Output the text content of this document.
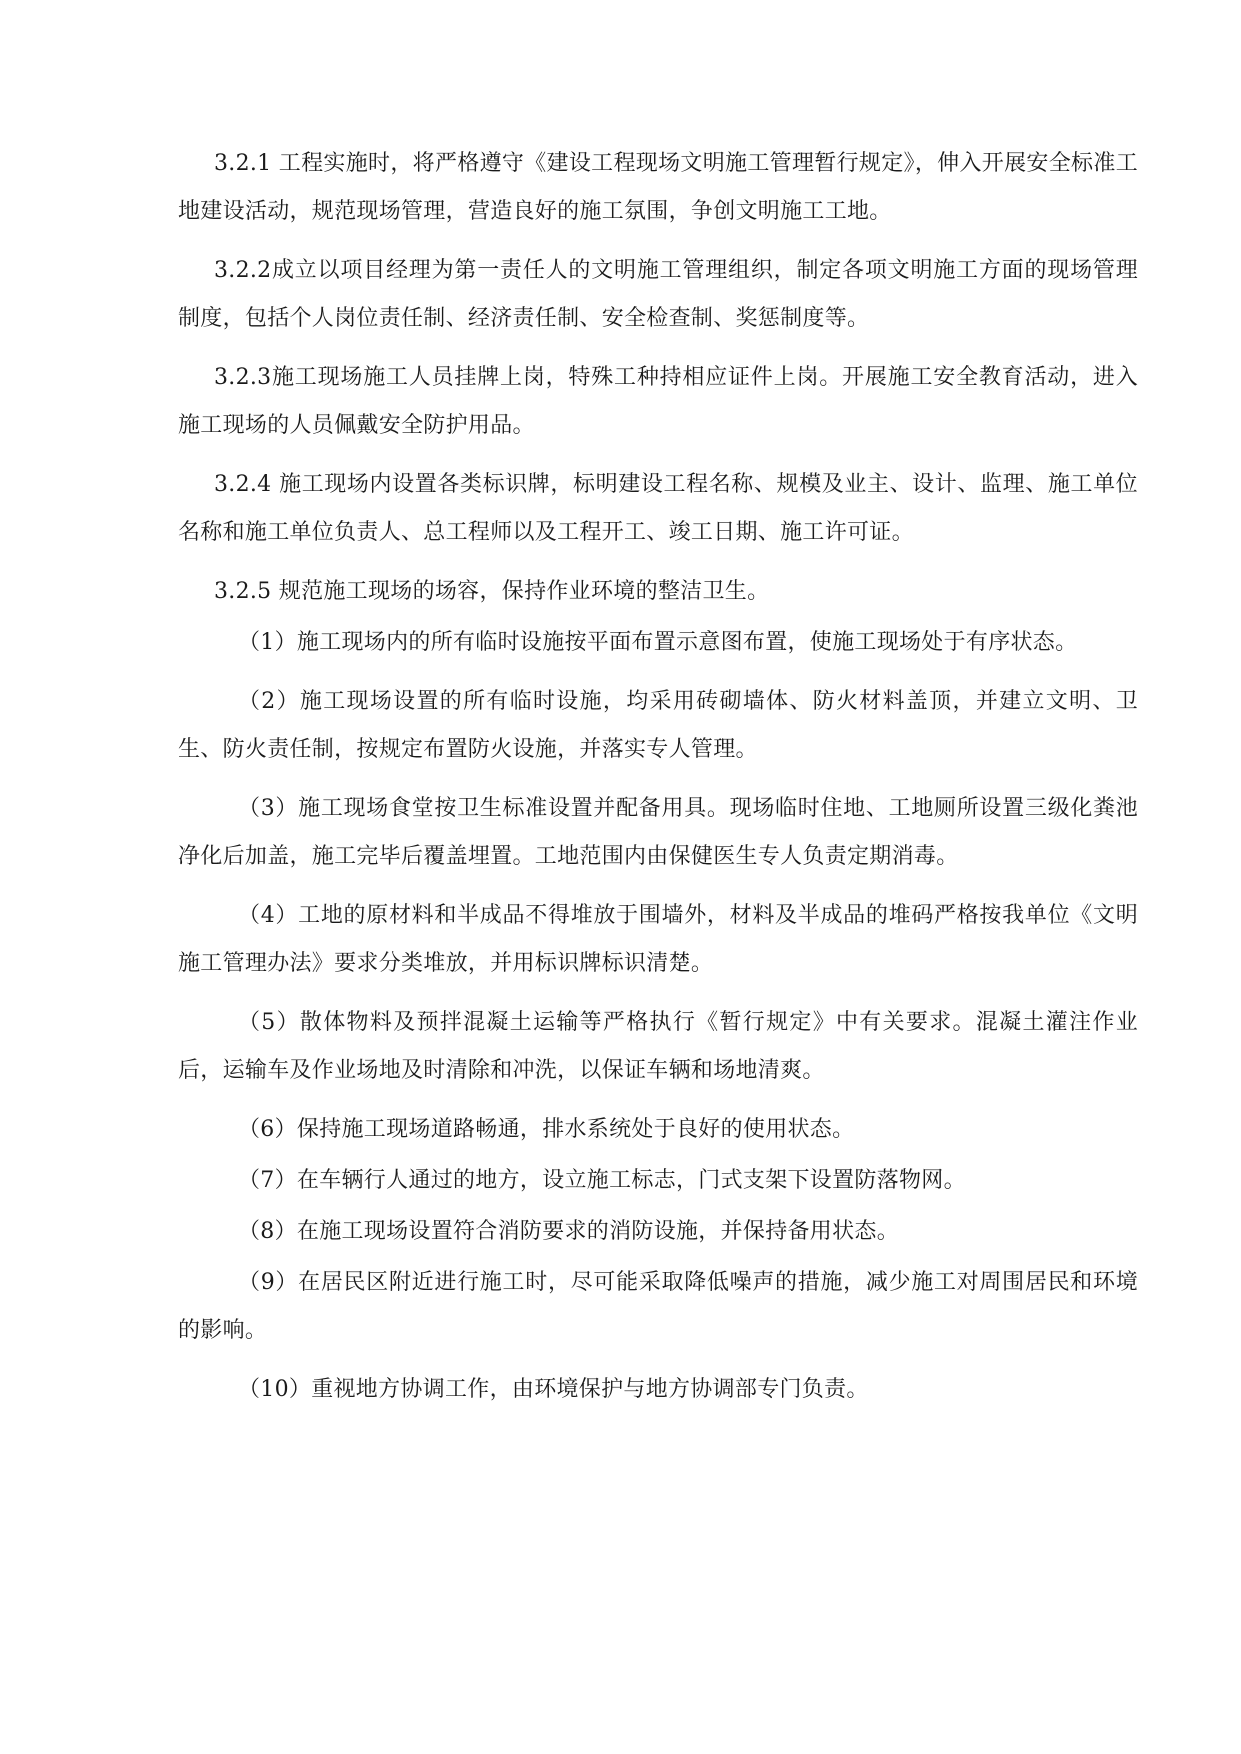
3.2.1 工程实施时，将严格遵守《建设工程现场文明施工管理暂行规定》，伸入开展安全标准工地建设活动，规范现场管理，营造良好的施工氛围，争创文明施工工地。

3.2.2成立以项目经理为第一责任人的文明施工管理组织，制定各项文明施工方面的现场管理制度，包括个人岗位责任制、经济责任制、安全检查制、奖惩制度等。

3.2.3施工现场施工人员挂牌上岗，特殊工种持相应证件上岗。开展施工安全教育活动，进入施工现场的人员佩戴安全防护用品。

3.2.4 施工现场内设置各类标识牌，标明建设工程名称、规模及业主、设计、监理、施工单位名称和施工单位负责人、总工程师以及工程开工、竣工日期、施工许可证。

3.2.5 规范施工现场的场容，保持作业环境的整洁卫生。

（1）施工现场内的所有临时设施按平面布置示意图布置，使施工现场处于有序状态。

（2）施工现场设置的所有临时设施，均采用砖砌墙体、防火材料盖顶，并建立文明、卫生、防火责任制，按规定布置防火设施，并落实专人管理。

（3）施工现场食堂按卫生标准设置并配备用具。现场临时住地、工地厕所设置三级化粪池净化后加盖，施工完毕后覆盖埋置。工地范围内由保健医生专人负责定期消毒。

（4）工地的原材料和半成品不得堆放于围墙外，材料及半成品的堆码严格按我单位《文明施工管理办法》要求分类堆放，并用标识牌标识清楚。

（5）散体物料及预拌混凝土运输等严格执行《暂行规定》中有关要求。混凝土灌注作业后，运输车及作业场地及时清除和冲洗，以保证车辆和场地清爽。

（6）保持施工现场道路畅通，排水系统处于良好的使用状态。

（7）在车辆行人通过的地方，设立施工标志，门式支架下设置防落物网。

（8）在施工现场设置符合消防要求的消防设施，并保持备用状态。

（9）在居民区附近进行施工时，尽可能采取降低噪声的措施，减少施工对周围居民和环境的影响。

（10）重视地方协调工作，由环境保护与地方协调部专门负责。
